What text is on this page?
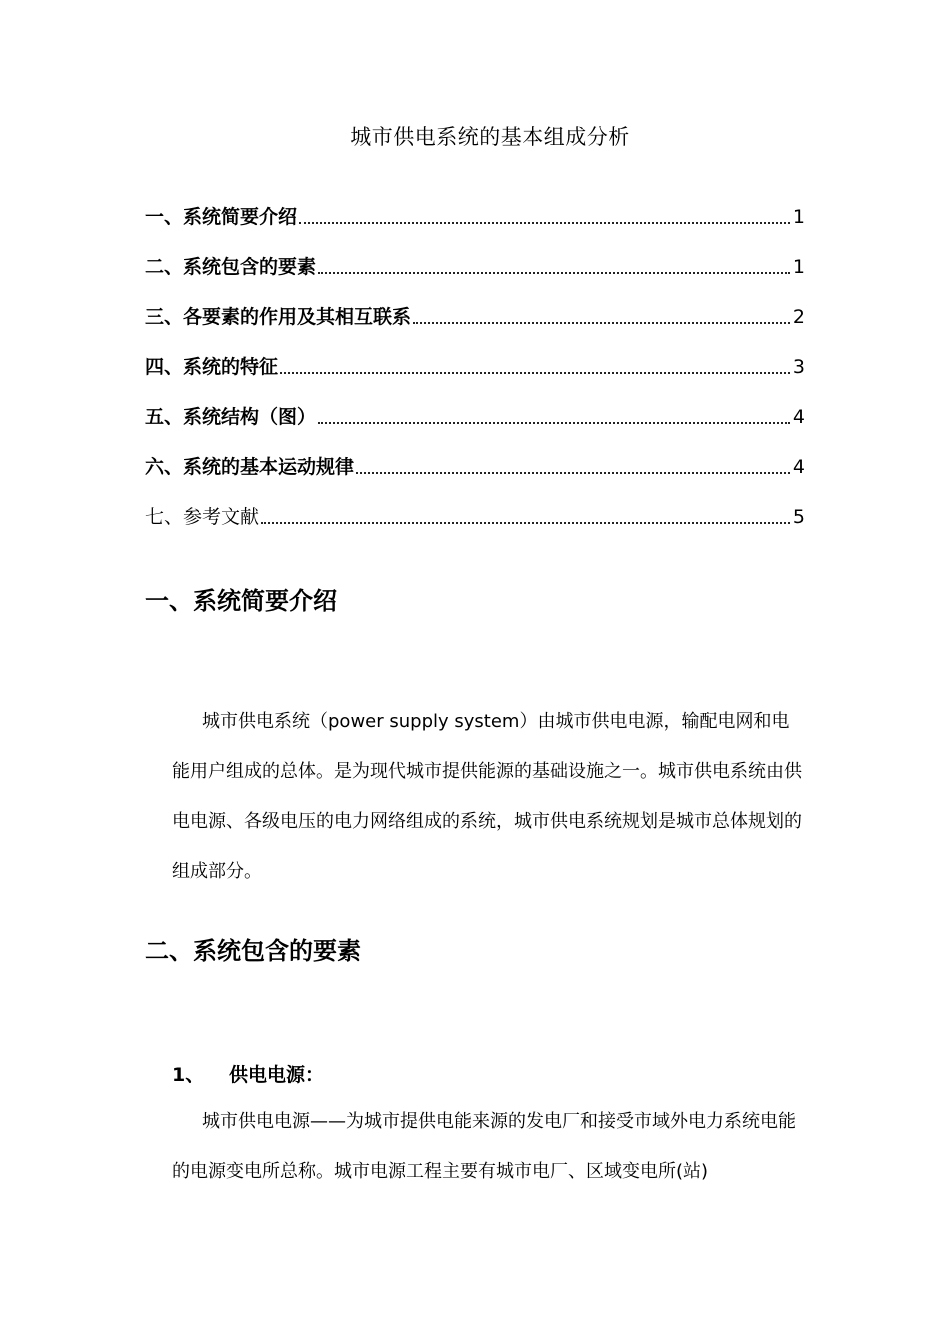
城市供电系统的基本组成分析
一、系统简要介绍	1
二、系统包含的要素	1
三、各要素的作用及其相互联系	2
四、系统的特征	3
五、系统结构（图）	4
六、系统的基本运动规律	4
七、参考文献	5
一、系统简要介绍

城市供电系统（power supply system）由城市供电电源，输配电网和电能用户组成的总体。是为现代城市提供能源的基础设施之一。城市供电系统由供电电源、各级电压的电力网络组成的系统，城市供电系统规划是城市总体规划的组成部分。

二、系统包含的要素
1、 供电电源：

城市供电电源——为城市提供电能来源的发电厂和接受市域外电力系统电能的电源变电所总称。城市电源工程主要有城市电厂、区域变电所(站)
